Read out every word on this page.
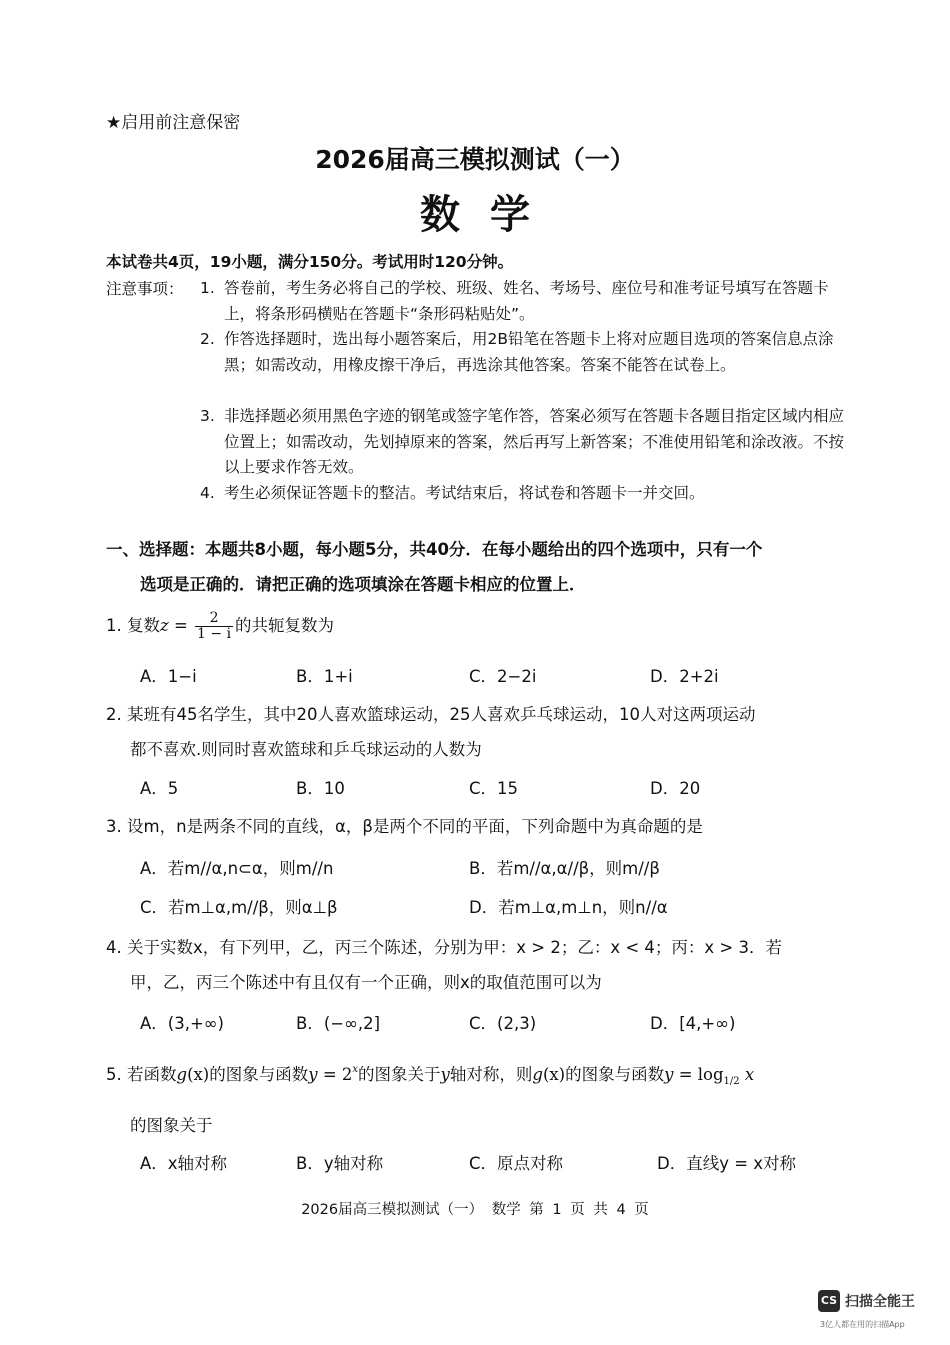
★启用前注意保密
2026届高三模拟测试（一）
数学
本试卷共4页，19小题，满分150分。考试用时120分钟。
注意事项： 1. 答卷前，考生务必将自己的学校、班级、姓名、考场号、座位号和准考证号填写在答题卡上，将条形码横贴在答题卡“条形码粘贴处”。
2. 作答选择题时，选出每小题答案后，用2B铅笔在答题卡上将对应题目选项的答案信息点涂黑；如需改动，用橡皮擦干净后，再选涂其他答案。答案不能答在试卷上。
3. 非选择题必须用黑色字迹的钢笔或签字笔作答，答案必须写在答题卡各题目指定区域内相应位置上；如需改动，先划掉原来的答案，然后再写上新答案；不准使用铅笔和涂改液。不按以上要求作答无效。
4. 考生必须保证答题卡的整洁。考试结束后，将试卷和答题卡一并交回。
一、选择题：本题共8小题，每小题5分，共40分．在每小题给出的四个选项中，只有一个
选项是正确的．请把正确的选项填涂在答题卡相应的位置上．
1. 复数$z = \frac{2}{1 - i}$ 的共轭复数为
A．1−i	B．1+i	C．2−2i	D．2+2i
2. 某班有45名学生，其中20人喜欢篮球运动，25人喜欢乒乓球运动，10人对这两项运动
都不喜欢.则同时喜欢篮球和乒乓球运动的人数为
A．5	B．10	C．15	D．20
3. 设m，n是两条不同的直线，α，β是两个不同的平面，下列命题中为真命题的是
A．若m//α,n⊂α，则m//n	B．若m//α,α//β，则m//β
C．若m⊥α,m//β，则α⊥β	D．若m⊥α,m⊥n，则n//α
4. 关于实数x，有下列甲，乙，丙三个陈述，分别为甲：x > 2；乙：x < 4；丙：x > 3．若
甲，乙，丙三个陈述中有且仅有一个正确，则x的取值范围可以为
A．(3,+∞)	B．(−∞,2]	C．(2,3)	D．[4,+∞)
5. 若函数g(x)的图象与函数$y = 2^x$的图象关于y轴对称，则g(x)的图象与函数$y = \log_{1/2} x$
的图象关于
A．x轴对称	B．y轴对称	C．原点对称	D．直线y = x对称
2026届高三模拟测试（一） 数学 第 1 页 共 4 页
CS 扫描全能王
3亿人都在用的扫描App
